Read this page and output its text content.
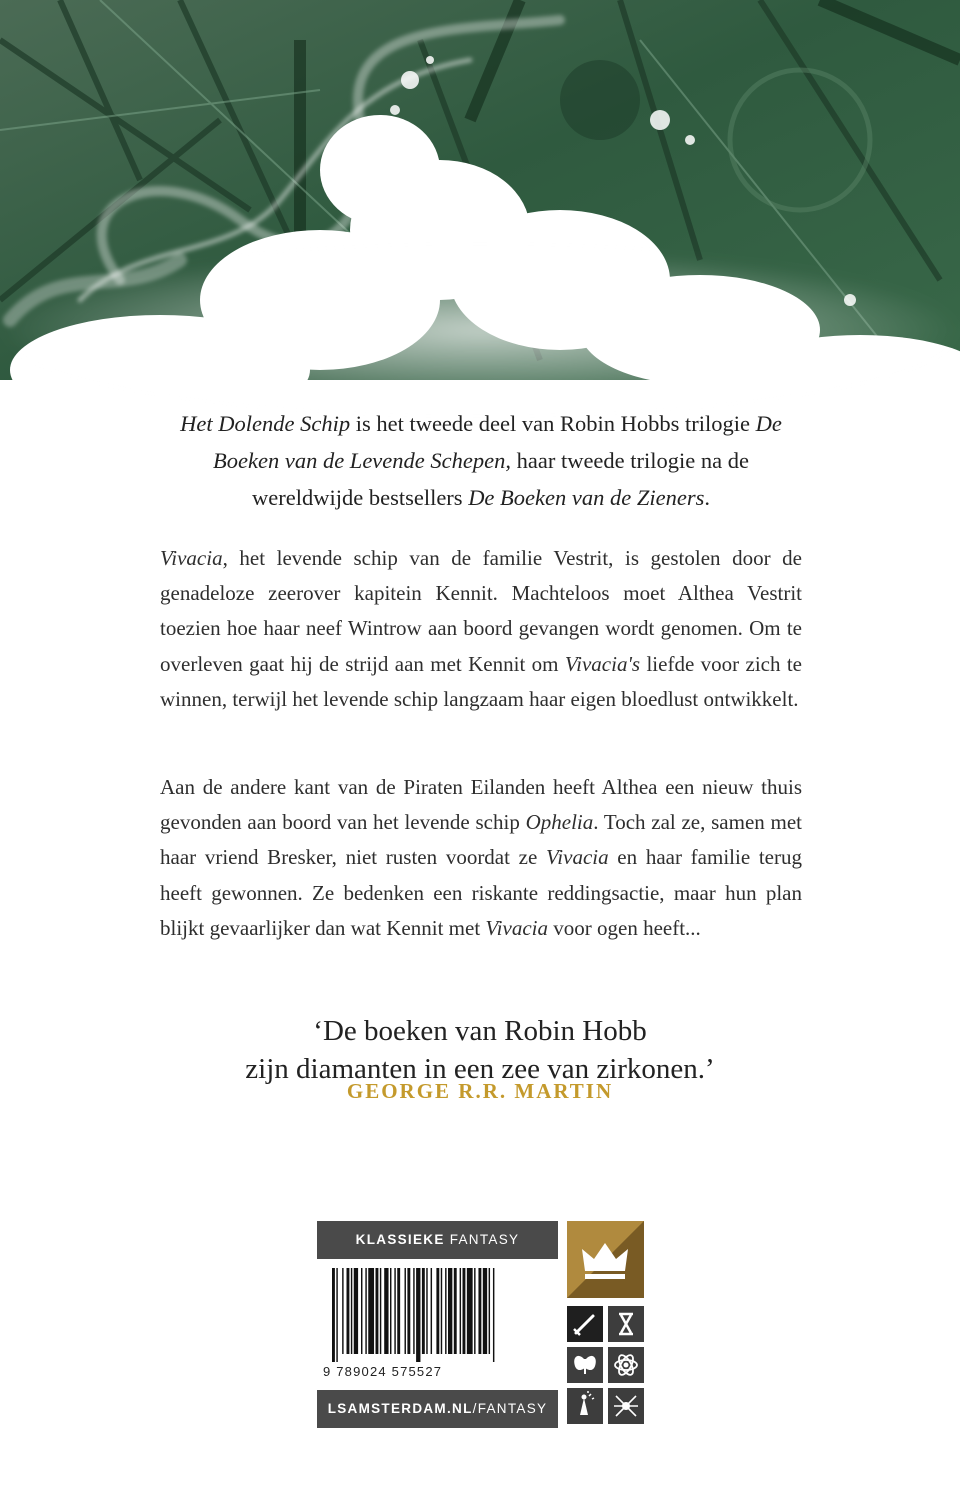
Het Dolende Schip is het tweede deel van Robin Hobbs trilogie De Boeken van de Levende Schepen, haar tweede trilogie na de wereldwijde bestsellers De Boeken van de Zieners.
Vivacia, het levende schip van de familie Vestrit, is gestolen door de genadeloze zeerover kapitein Kennit. Machteloos moet Althea Vestrit toezien hoe haar neef Wintrow aan boord gevangen wordt genomen. Om te overleven gaat hij de strijd aan met Kennit om Vivacia's liefde voor zich te winnen, terwijl het levende schip langzaam haar eigen bloedlust ontwikkelt.
Aan de andere kant van de Piraten Eilanden heeft Althea een nieuw thuis gevonden aan boord van het levende schip Ophelia. Toch zal ze, samen met haar vriend Bresker, niet rusten voordat ze Vivacia en haar familie terug heeft gewonnen. Ze bedenken een riskante reddingsactie, maar hun plan blijkt gevaarlijker dan wat Kennit met Vivacia voor ogen heeft...
‘De boeken van Robin Hobb
zijn diamanten in een zee van zirkonen.’
GEORGE R.R. MARTIN
KLASSIEKE FANTASY
9 789024 575527
LSAMSTERDAM.NL/FANTASY
